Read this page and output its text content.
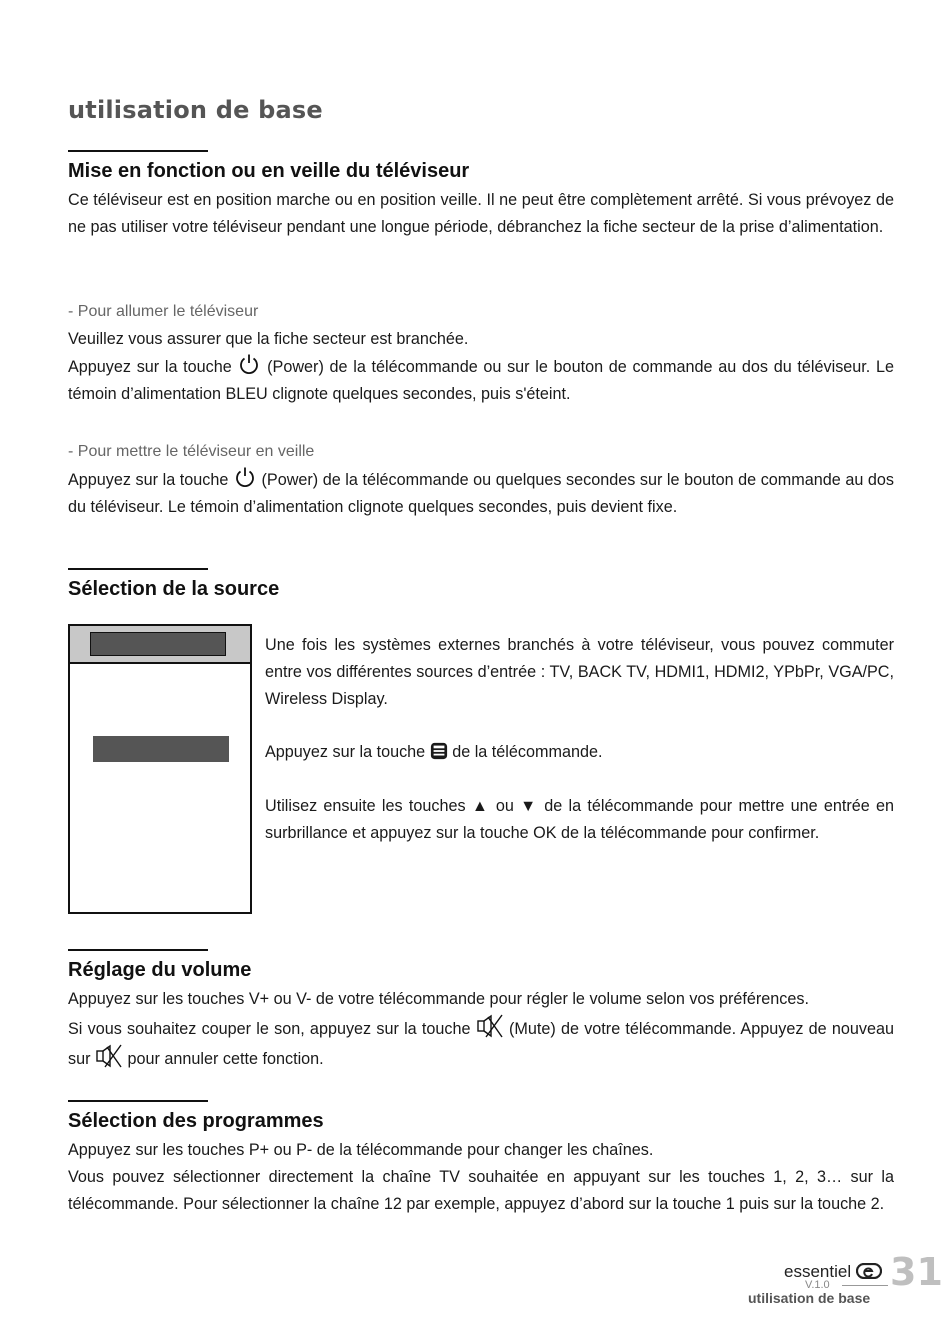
utilisation de base
Mise en fonction ou en veille du téléviseur

Ce téléviseur est en position marche ou en position veille. Il ne peut être complètement arrêté. Si vous prévoyez de ne pas utiliser votre téléviseur pendant une longue période, débranchez la fiche secteur de la prise d’alimentation.

- Pour allumer le téléviseur

Veuillez vous assurer que la fiche secteur est branchée.
Appuyez sur la touche (Power) de la télécommande ou sur le bouton de commande au dos du téléviseur. Le témoin d’alimentation BLEU clignote quelques secondes, puis s'éteint.

- Pour mettre le téléviseur en veille

Appuyez sur la touche (Power) de la télécommande ou quelques secondes sur le bouton de commande au dos du téléviseur. Le témoin d’alimentation clignote quelques secondes, puis devient fixe.

Sélection de la source

Une fois les systèmes externes branchés à votre téléviseur, vous pouvez commuter entre vos différentes sources d’entrée : TV, BACK TV, HDMI1, HDMI2, YPbPr, VGA/PC, Wireless Display.

Appuyez sur la touche de la télécommande.

Utilisez ensuite les touches ▲ ou ▼ de la télécommande pour mettre une entrée en surbrillance et appuyez sur la touche OK de la télécommande pour confirmer.

Réglage du volume

Appuyez sur les touches V+ ou V- de votre télécommande pour régler le volume selon vos préférences.
Si vous souhaitez couper le son, appuyez sur la touche (Mute) de votre télécommande. Appuyez de nouveau sur pour annuler cette fonction.

Sélection des programmes

Appuyez sur les touches P+ ou P- de la télécommande pour changer les chaînes.
Vous pouvez sélectionner directement la chaîne TV souhaitée en appuyant sur les touches 1, 2, 3… sur la télécommande. Pour sélectionner la chaîne 12 par exemple, appuyez d’abord sur la touche 1 puis sur la touche 2.

essentiel
V.1.0 31
utilisation de base
